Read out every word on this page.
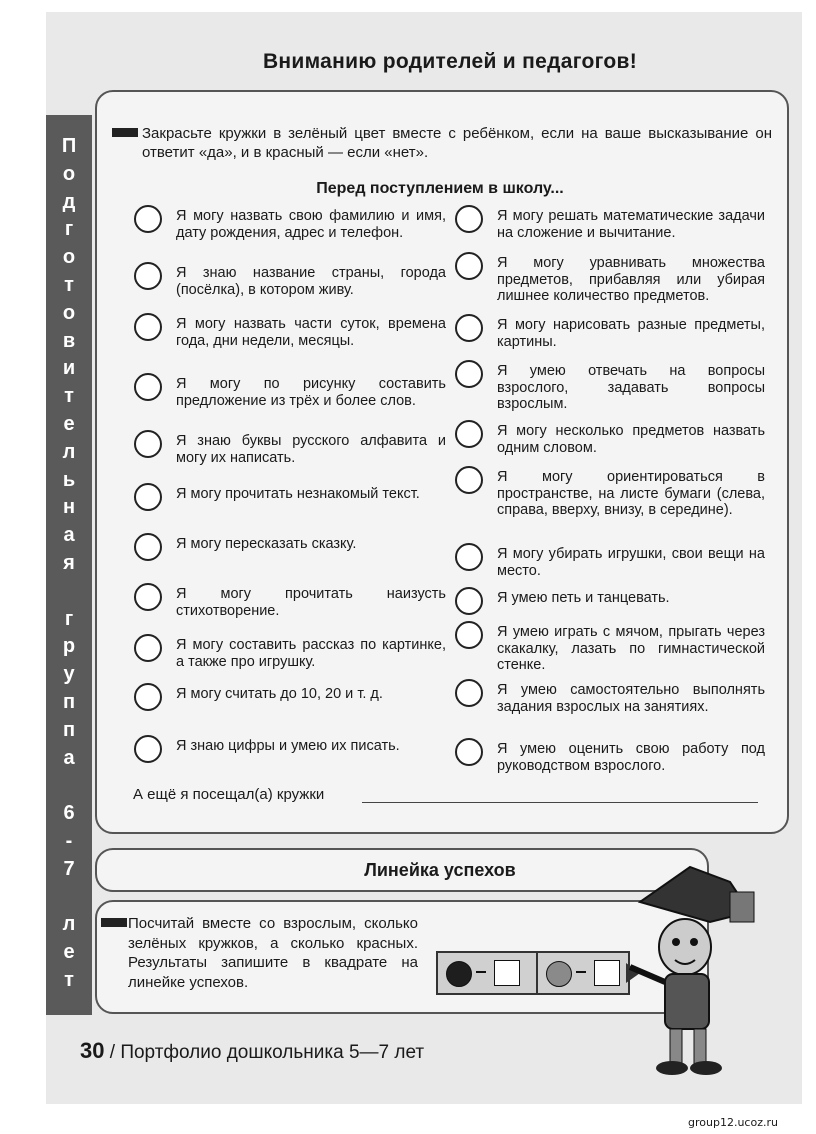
П
о
д
г
о
т
о
в
и
т
е
л
ь
н
а
я
г
р
у
п
п
а
6
-
7
л
е
т
Вниманию родителей и педагогов!
Закрасьте кружки в зелёный цвет вместе с ребёнком, если на ваше высказывание он ответит «да», и в красный — если «нет».
Перед поступлением в школу...
Я могу назвать свою фамилию и имя, дату рождения, адрес и телефон.
Я знаю название страны, города (посёлка), в котором живу.
Я могу назвать части суток, времена года, дни недели, месяцы.
Я могу по рисунку составить предложение из трёх и более слов.
Я знаю буквы русского алфавита и могу их написать.
Я могу прочитать незнакомый текст.
Я могу пересказать сказку.
Я могу прочитать наизусть стихотворение.
Я могу составить рассказ по картинке, а также про игрушку.
Я могу считать до 10, 20 и т. д.
Я знаю цифры и умею их писать.
Я могу решать математические задачи на сложение и вычитание.
Я могу уравнивать множества предметов, прибавляя или убирая лишнее количество предметов.
Я могу нарисовать разные предметы, картины.
Я умею отвечать на вопросы взрослого, задавать вопросы взрослым.
Я могу несколько предметов назвать одним словом.
Я могу ориентироваться в пространстве, на листе бумаги (слева, справа, вверху, внизу, в середине).
Я могу убирать игрушки, свои вещи на место.
Я умею петь и танцевать.
Я умею играть с мячом, прыгать через скакалку, лазать по гимнастической стенке.
Я умею самостоятельно выполнять задания взрослых на занятиях.
Я умею оценить свою работу под руководством взрослого.
А ещё я посещал(а) кружки
Линейка успехов
Посчитай вместе со взрослым, сколько зелёных кружков, а сколько красных. Результаты запишите в квадрате на линейке успехов.
30 / Портфолио дошкольника 5—7 лет
group12.ucoz.ru
